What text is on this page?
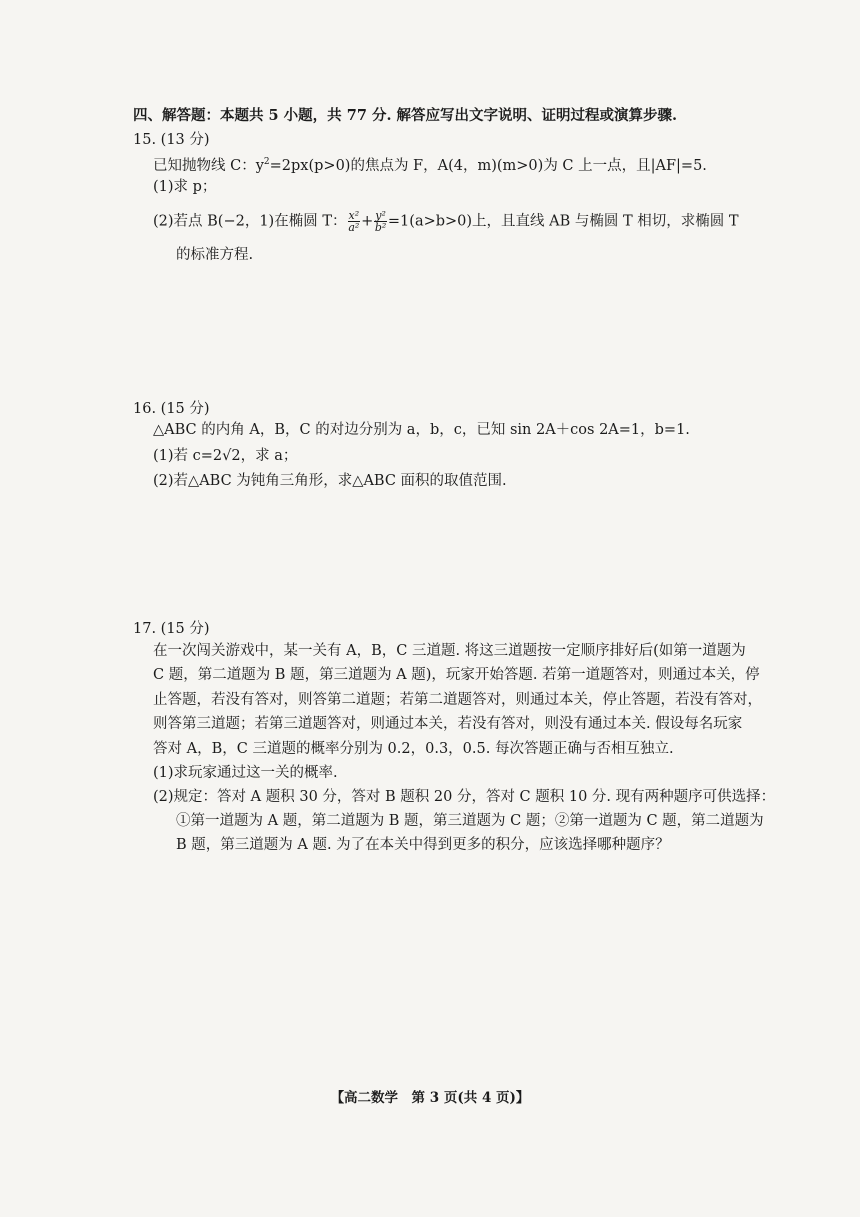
四、解答题：本题共 5 小题，共 77 分. 解答应写出文字说明、证明过程或演算步骤.
15. (13 分)
已知抛物线 C：$y^2=2px(p>0)$的焦点为 F，A(4，m)(m>0)为 C 上一点，且|AF|=5.
(1)求 p；
(2)若点 B(−2，1)在椭圆 T： $\frac{\text{x²}}{\text{a²}} + \frac{\text{y²}}{\text{b²}} =1(a>b>0)$上，且直线 AB 与椭圆 T 相切，求椭圆 T
的标准方程.
16. (15 分)
△ABC 的内角 A，B，C 的对边分别为 a，b，c，已知 sin 2A＋cos 2A=1，b=1.
(1)若 c=2√2，求 a；
(2)若△ABC 为钝角三角形，求△ABC 面积的取值范围.
17. (15 分)
在一次闯关游戏中，某一关有 A，B，C 三道题. 将这三道题按一定顺序排好后(如第一道题为
C 题，第二道题为 B 题，第三道题为 A 题)，玩家开始答题. 若第一道题答对，则通过本关，停
止答题，若没有答对，则答第二道题；若第二道题答对，则通过本关，停止答题，若没有答对，
则答第三道题；若第三道题答对，则通过本关，若没有答对，则没有通过本关. 假设每名玩家
答对 A，B，C 三道题的概率分别为 0.2，0.3，0.5. 每次答题正确与否相互独立.
(1)求玩家通过这一关的概率.
(2)规定：答对 A 题积 30 分，答对 B 题积 20 分，答对 C 题积 10 分. 现有两种题序可供选择：
①第一道题为 A 题，第二道题为 B 题，第三道题为 C 题；②第一道题为 C 题，第二道题为
B 题，第三道题为 A 题. 为了在本关中得到更多的积分，应该选择哪种题序？
【高二数学　第 3 页(共 4 页)】
